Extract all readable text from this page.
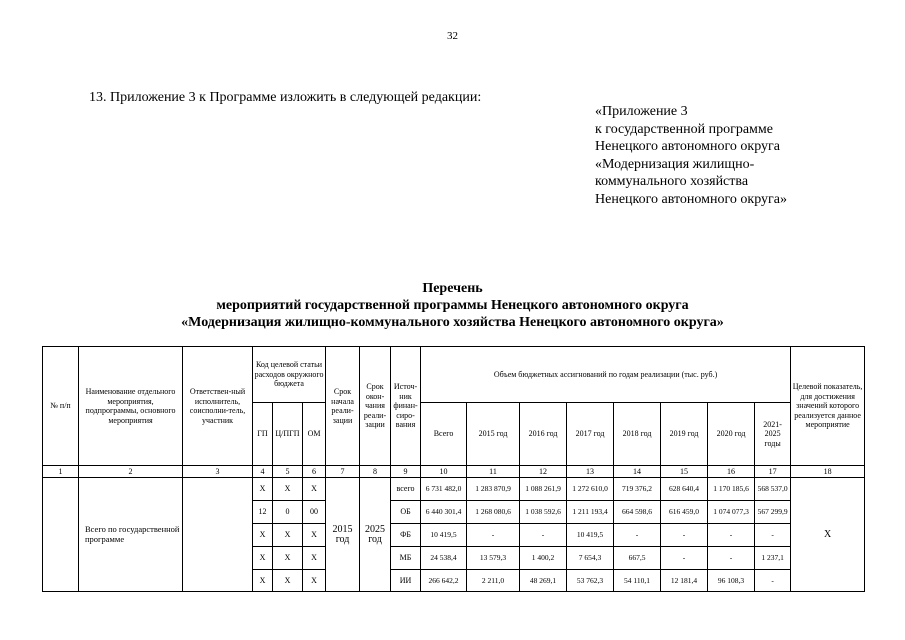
32
13. Приложение 3 к Программе изложить в следующей редакции:
«Приложение 3
к государственной программе
Ненецкого автономного округа
«Модернизация жилищно-
коммунального хозяйства
Ненецкого автономного округа»
Перечень
мероприятий государственной программы Ненецкого автономного округа
«Модернизация жилищно-коммунального хозяйства Ненецкого автономного округа»
№ п/п	Наименование отдельного мероприятия, подпрограммы, основного мероприятия	Ответствен-ный исполнитель, соисполни-тель, участник	Код целевой статьи расходов окружного бюджета			Срок начала реали-зации	Срок окон-чания реали-зации	Источ-ник финан-сиро-вания	Объем бюджетных ассигнований по годам реализации (тыс. руб.)								Целевой показатель, для достижения значений которого реализуется данное мероприятие
			ГП	Ц/ПГП	ОМ				Всего	2015 год	2016 год	2017 год	2018 год	2019 год	2020 год	2021-2025 годы	
1	2	3	4	5	6	7	8	9	10	11	12	13	14	15	16	17	18
	Всего по государственной программе		Х	Х	Х	2015 год	2025 год	всего	6 731 482,0	1 283 870,9	1 088 261,9	1 272 610,0	719 376,2	628 640,4	1 170 185,6	568 537,0	Х
			12	0	00			ОБ	6 440 301,4	1 268 080,6	1 038 592,6	1 211 193,4	664 598,6	616 459,0	1 074 077,3	567 299,9	
			Х	Х	Х			ФБ	10 419,5	-	-	10 419,5	-	-	-	-	
			Х	Х	Х			МБ	24 538,4	13 579,3	1 400,2	7 654,3	667,5	-	-	1 237,1	
			Х	Х	Х			ИИ	266 642,2	2 211,0	48 269,1	53 762,3	54 110,1	12 181,4	96 108,3	-	
